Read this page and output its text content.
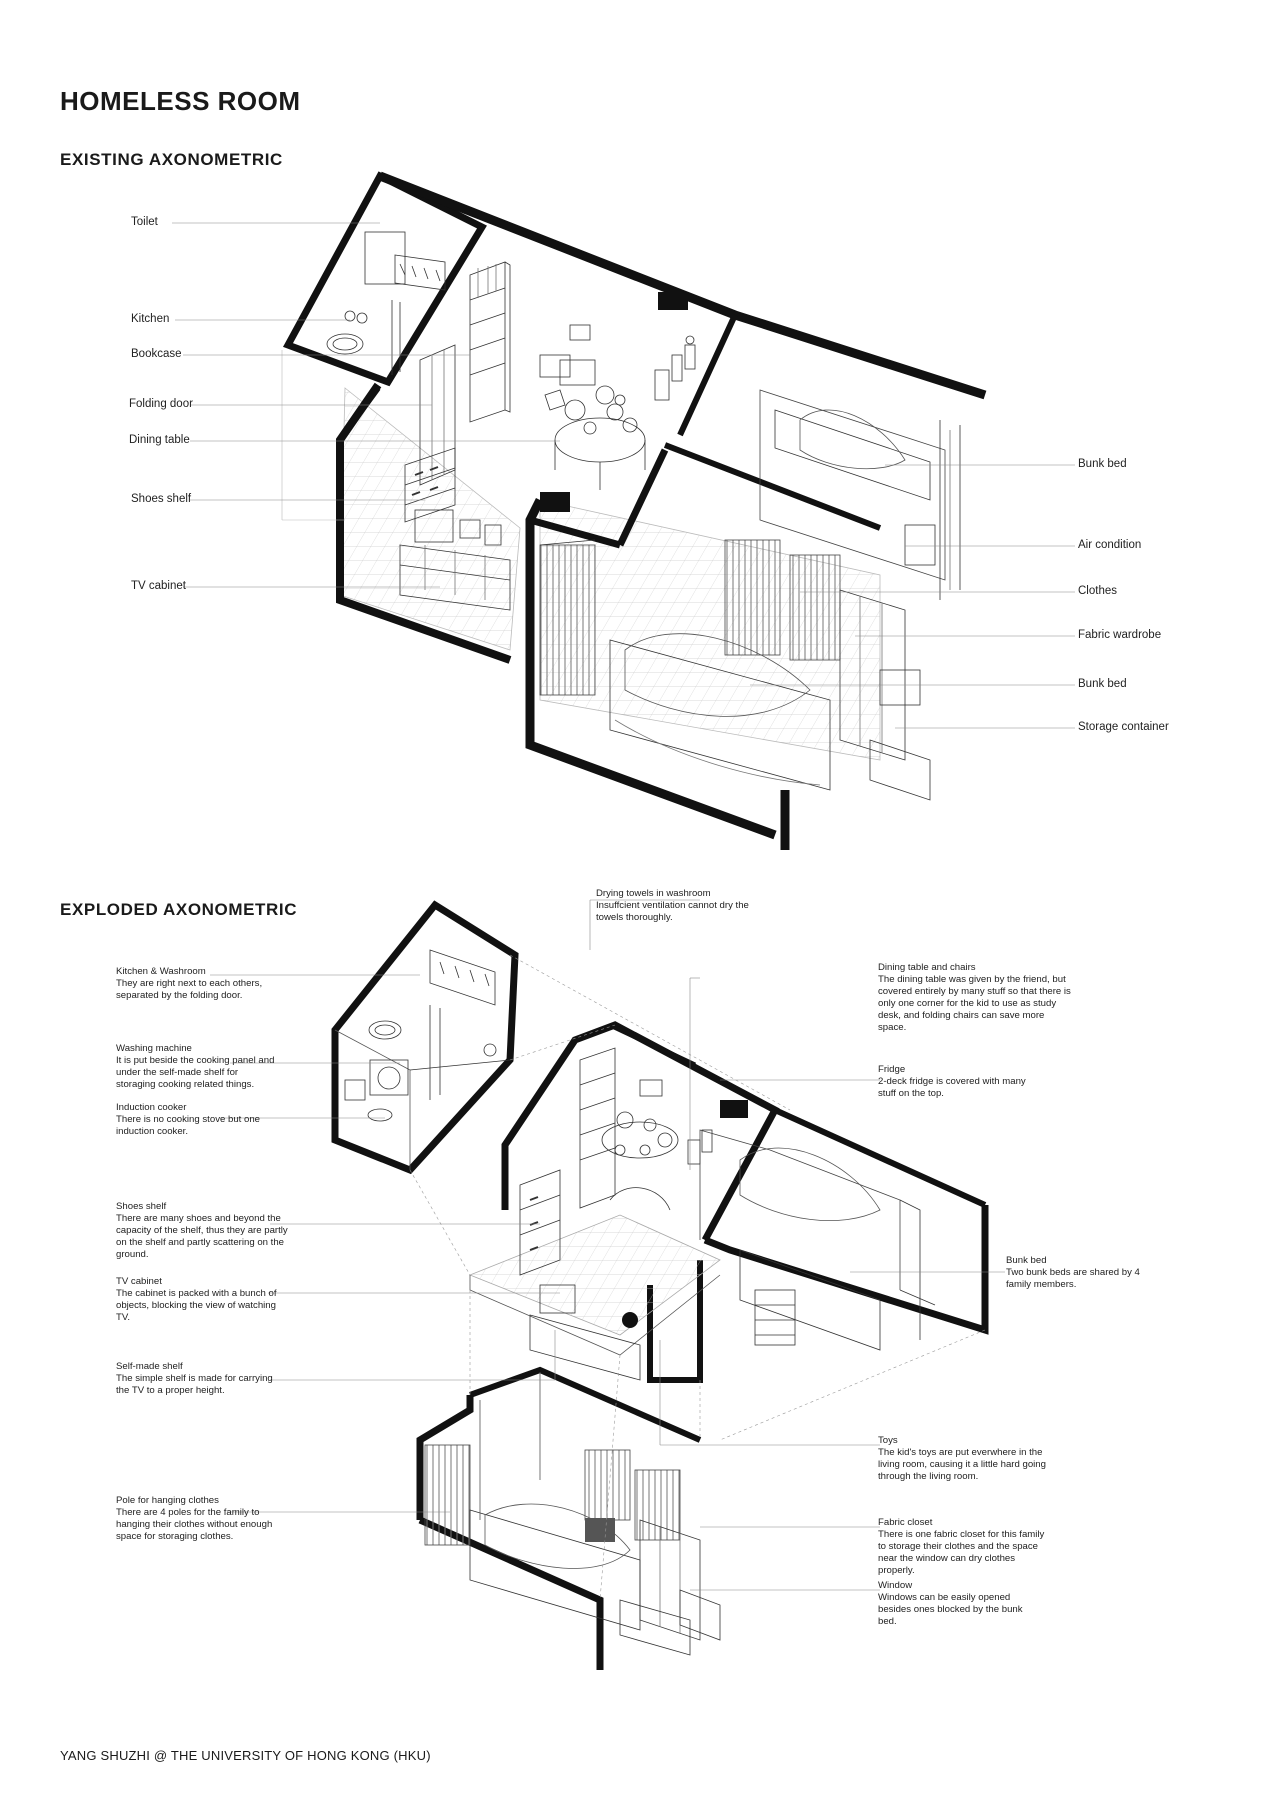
HOMELESS ROOM
EXISTING AXONOMETRIC
EXPLODED AXONOMETRIC
Toilet
Kitchen
Bookcase
Folding door
Dining table
Shoes shelf
TV cabinet
Bunk bed
Air condition
Clothes
Fabric wardrobe
Bunk bed
Storage container
Drying towels in washroom
Insuffcient ventilation cannot dry the towels thoroughly.
Kitchen & Washroom
They are right next to each others, separated by the folding door.
Washing machine
It is put beside the cooking panel and under the self-made shelf for storaging cooking related things.
Induction cooker
There is no cooking stove but one induction cooker.
Shoes shelf
There are many shoes and beyond the capacity of the shelf, thus they are partly on the shelf and partly scattering on the ground.
TV cabinet
The cabinet is packed with a bunch of objects, blocking the view of watching TV.
Self-made shelf
The simple shelf is made for carrying the TV to a proper height.
Pole for hanging clothes
There are 4 poles for the family to hanging their clothes without enough space for storaging clothes.
Dining table and chairs
The dining table was given by the friend, but covered entirely by many stuff so that there is only one corner for the kid to use as study desk, and folding chairs can save more space.
Fridge
2-deck fridge is covered with many stuff on the top.
Bunk bed
Two bunk beds are shared by 4 family members.
Toys
The kid's toys are put everwhere in the living room, causing it a little hard going through the living room.
Fabric closet
There is one fabric closet for this family to storage their clothes and the space near the window can dry clothes properly.
Window
Windows can be easily opened besides ones blocked by the bunk bed.
YANG SHUZHI @ THE UNIVERSITY OF HONG KONG (HKU)
